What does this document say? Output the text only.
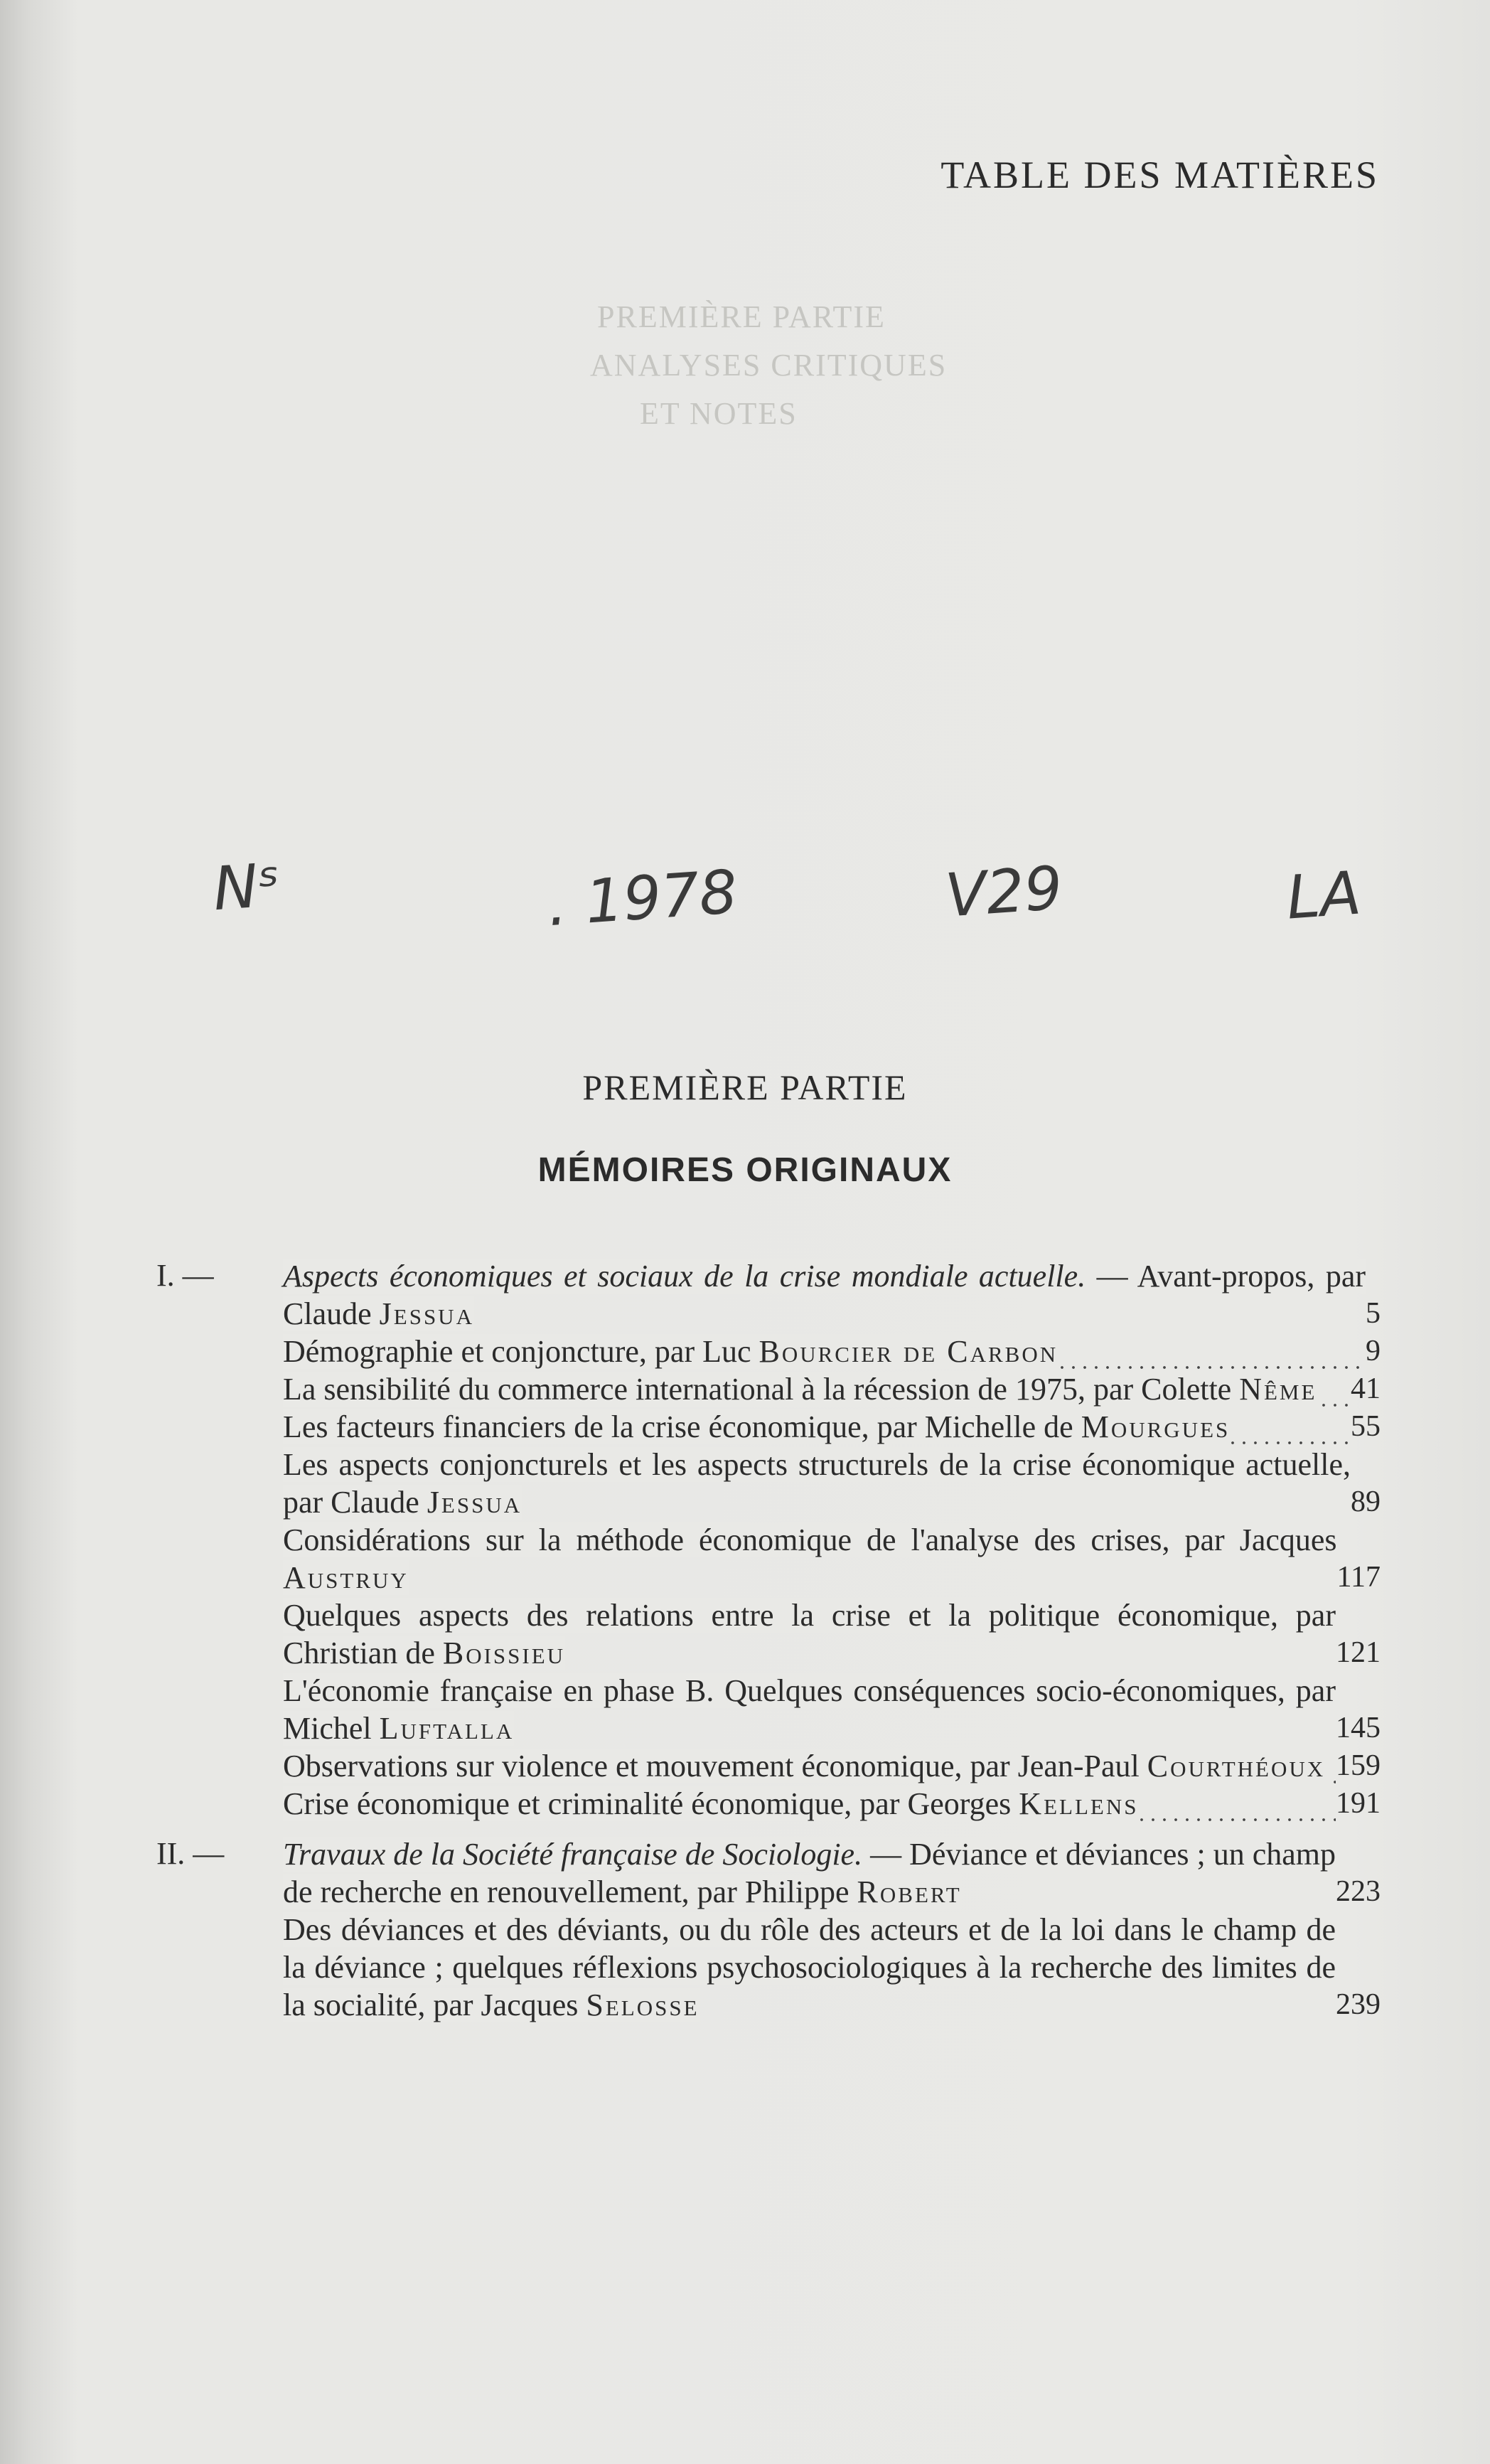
PREMIÈRE PARTIE
ANALYSES CRITIQUES
ET NOTES
TABLE DES MATIÈRES
Nˢ	. 1978	V29	LA
PREMIÈRE PARTIE
MÉMOIRES ORIGINAUX
I. —	Aspects économiques et sociaux de la crise mondiale actuelle. — Avant-propos, par Claude Jessua	5
Démographie et conjoncture, par Luc Bourcier de Carbon	9
La sensibilité du commerce international à la récession de 1975, par Colette Nême	41
Les facteurs financiers de la crise économique, par Michelle de Mourgues	55
Les aspects conjoncturels et les aspects structurels de la crise économique actuelle, par Claude Jessua	89
Considérations sur la méthode économique de l'analyse des crises, par Jacques Austruy	117
Quelques aspects des relations entre la crise et la politique économique, par Christian de Boissieu	121
L'économie française en phase B. Quelques conséquences socio-économiques, par Michel Luftalla	145
Observations sur violence et mouvement économique, par Jean-Paul Courthéoux 159
Crise économique et criminalité économique, par Georges Kellens	191
II. —	Travaux de la Société française de Sociologie. — Déviance et déviances ; un champ de recherche en renouvellement, par Philippe Robert	223
Des déviances et des déviants, ou du rôle des acteurs et de la loi dans le champ de la déviance ; quelques réflexions psychosociologiques à la recherche des limites de la socialité, par Jacques Selosse	239
